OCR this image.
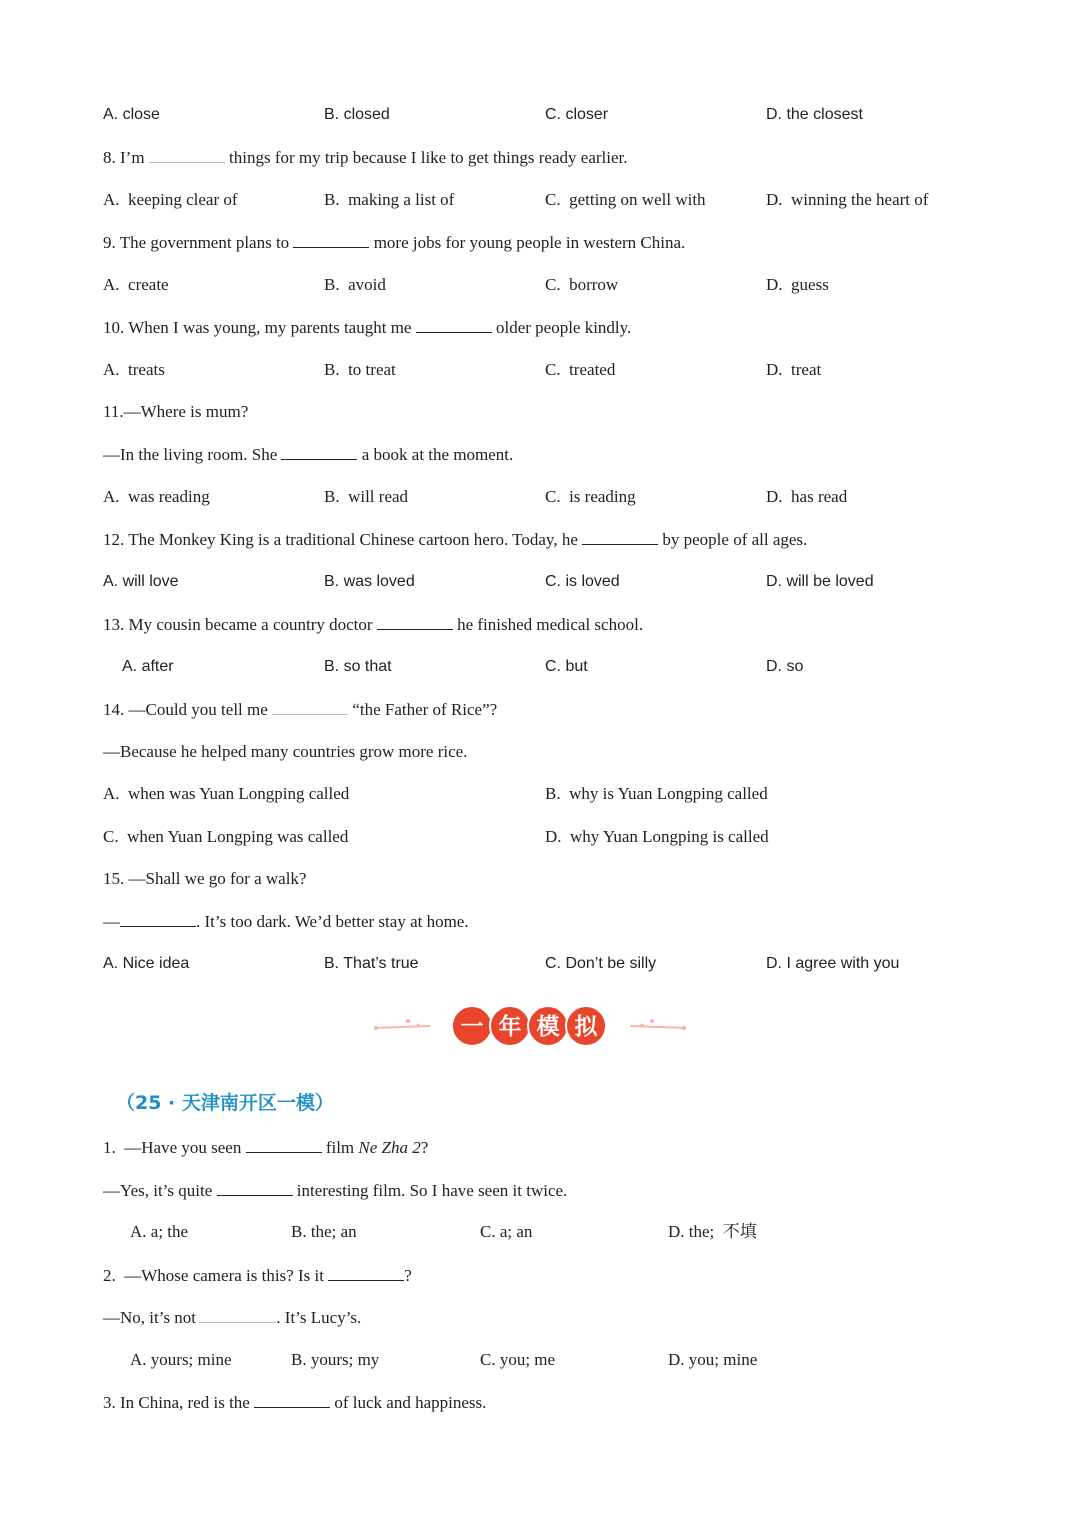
A. close	B. closed	C. closer	D. the closest
8. I’m	things for my trip because I like to get things ready earlier.
A. keeping clear of	B. making a list of	C. getting on well with	D. winning the heart of
9. The government plans to	more jobs for young people in western China.
A. create	B. avoid	C. borrow	D. guess
10. When I was young, my parents taught me	older people kindly.
A. treats	B. to treat	C. treated	D. treat
11.—Where is mum?
—In the living room. She	a book at the moment.
A. was reading	B. will read	C. is reading	D. has read
12. The Monkey King is a traditional Chinese cartoon hero. Today, he	by people of all ages.
A. will love	B. was loved	C. is loved	D. will be loved
13. My cousin became a country doctor	he finished medical school.
A. after	B. so that	C. but	D. so
14. —Could you tell me	“the Father of Rice”?
—Because he helped many countries grow more rice.
A. when was Yuan Longping called	B. why is Yuan Longping called
C. when Yuan Longping was called	D. why Yuan Longping is called
15. —Shall we go for a walk?
—	. It’s too dark. We’d better stay at home.
A. Nice idea	B. That’s true	C. Don’t be silly	D. I agree with you
一 年 模 拟
（25 · 天津南开区一模）
1. —Have you seen	film Ne Zha 2?
—Yes, it’s quite	interesting film. So I have seen it twice.
A. a; the	B. the; an	C. a; an	D. the; 不填
2. —Whose camera is this? Is it	?
—No, it’s not	. It’s Lucy’s.
A. yours; mine	B. yours; my	C. you; me	D. you; mine
3. In China, red is the	of luck and happiness.
